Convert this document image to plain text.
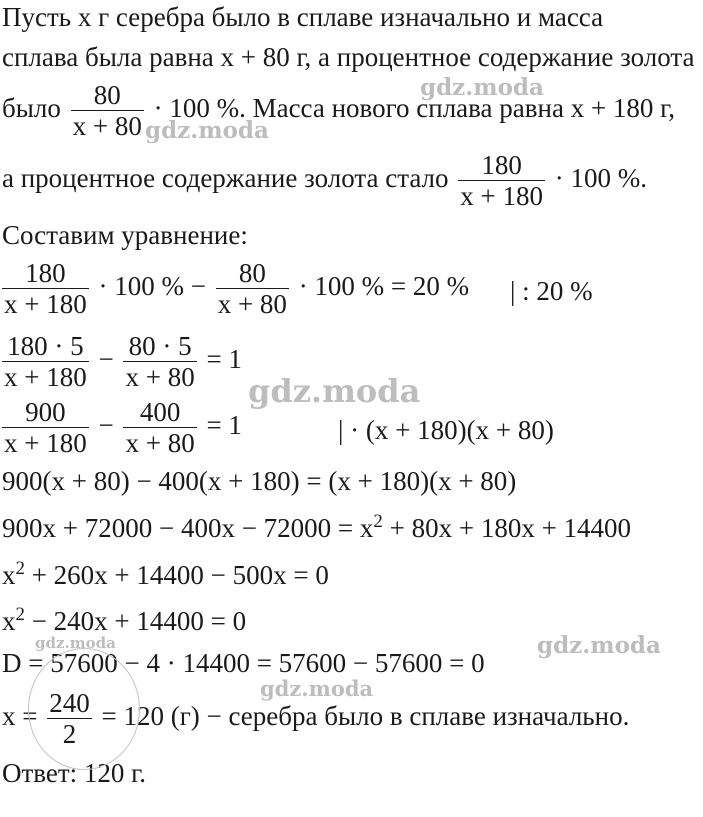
Пусть x г серебра было в сплаве изначально и масса
сплава была равна x + 80 г, а процентное содержание золота
было $\frac{80}{x + 80} \cdot 100$ %. Масса нового сплава равна x + 180 г,
а процентное содержание золота стало $\frac{180}{x + 180} \cdot 100$ %.
Составим уравнение:
$\frac{180}{x + 180} \cdot 100$ % − $\frac{80}{x + 80} \cdot 100$ % = 20 % | : 20 %
$\frac{180 \cdot 5}{x + 180} - \frac{80 \cdot 5}{x + 80} = 1$
$\frac{900}{x + 180} - \frac{400}{x + 80} = 1$	| · (x + 180)(x + 80)
900(x + 80) − 400(x + 180) = (x + 180)(x + 80)
$900x + 72000 - 400x - 72000 = x^2 + 80x + 180x + 14400$
$x^2 + 260x + 14400 - 500x = 0$
$x^2 - 240x + 14400 = 0$
D = 57600 − 4 · 14400 = 57600 − 57600 = 0
$x = \frac{240}{2} = 120$ (г) − серебра было в сплаве изначально.
Ответ: 120 г.
gdz.moda
gdz.moda
gdz.moda
gdz.moda	gdz.moda
gdz.moda
